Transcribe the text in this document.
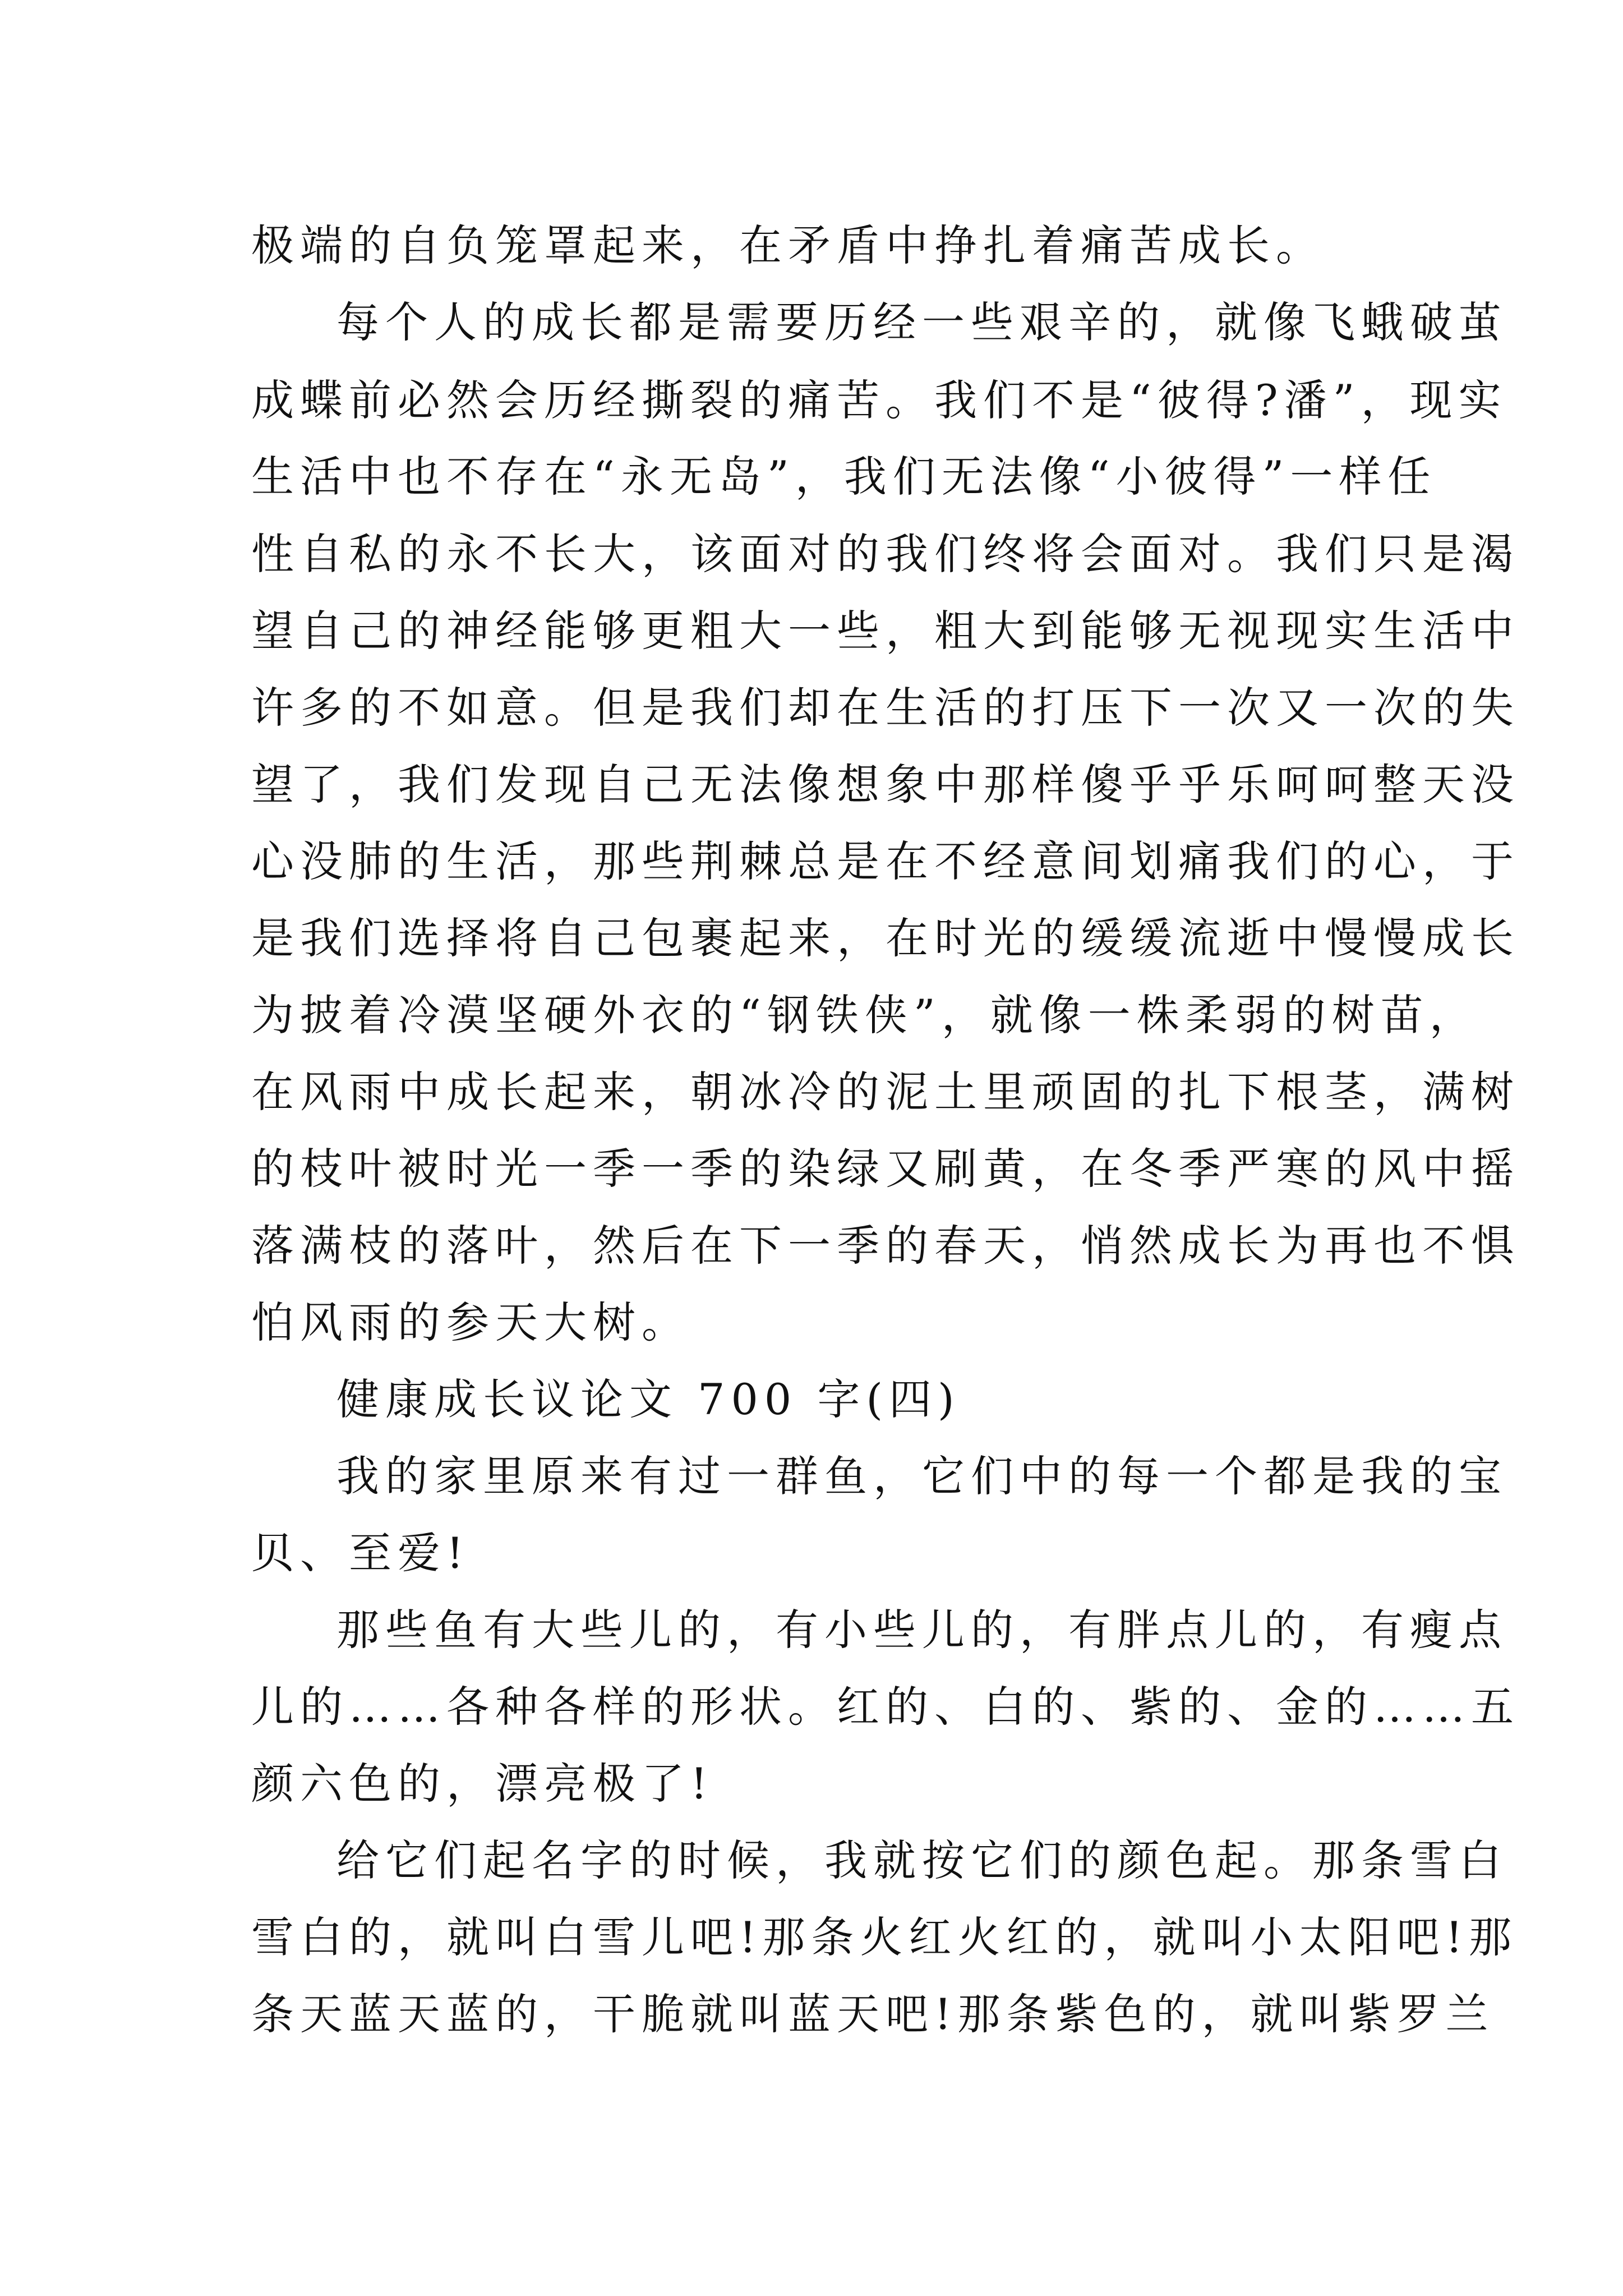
极端的自负笼罩起来，在矛盾中挣扎着痛苦成长。
每个人的成长都是需要历经一些艰辛的，就像飞蛾破茧
成蝶前必然会历经撕裂的痛苦。我们不是“彼得?潘”，现实
生活中也不存在“永无岛”，我们无法像“小彼得”一样任
性自私的永不长大，该面对的我们终将会面对。我们只是渴
望自己的神经能够更粗大一些，粗大到能够无视现实生活中
许多的不如意。但是我们却在生活的打压下一次又一次的失
望了，我们发现自己无法像想象中那样傻乎乎乐呵呵整天没
心没肺的生活，那些荆棘总是在不经意间划痛我们的心，于
是我们选择将自己包裹起来，在时光的缓缓流逝中慢慢成长
为披着冷漠坚硬外衣的“钢铁侠”，就像一株柔弱的树苗，
在风雨中成长起来，朝冰冷的泥土里顽固的扎下根茎，满树
的枝叶被时光一季一季的染绿又刷黄，在冬季严寒的风中摇
落满枝的落叶，然后在下一季的春天，悄然成长为再也不惧
怕风雨的参天大树。
健康成长议论文 700 字(四)
我的家里原来有过一群鱼，它们中的每一个都是我的宝
贝、至爱!
那些鱼有大些儿的，有小些儿的，有胖点儿的，有瘦点
儿的……各种各样的形状。红的、白的、紫的、金的……五
颜六色的，漂亮极了!
给它们起名字的时候，我就按它们的颜色起。那条雪白
雪白的，就叫白雪儿吧!那条火红火红的，就叫小太阳吧!那
条天蓝天蓝的，干脆就叫蓝天吧!那条紫色的，就叫紫罗兰
